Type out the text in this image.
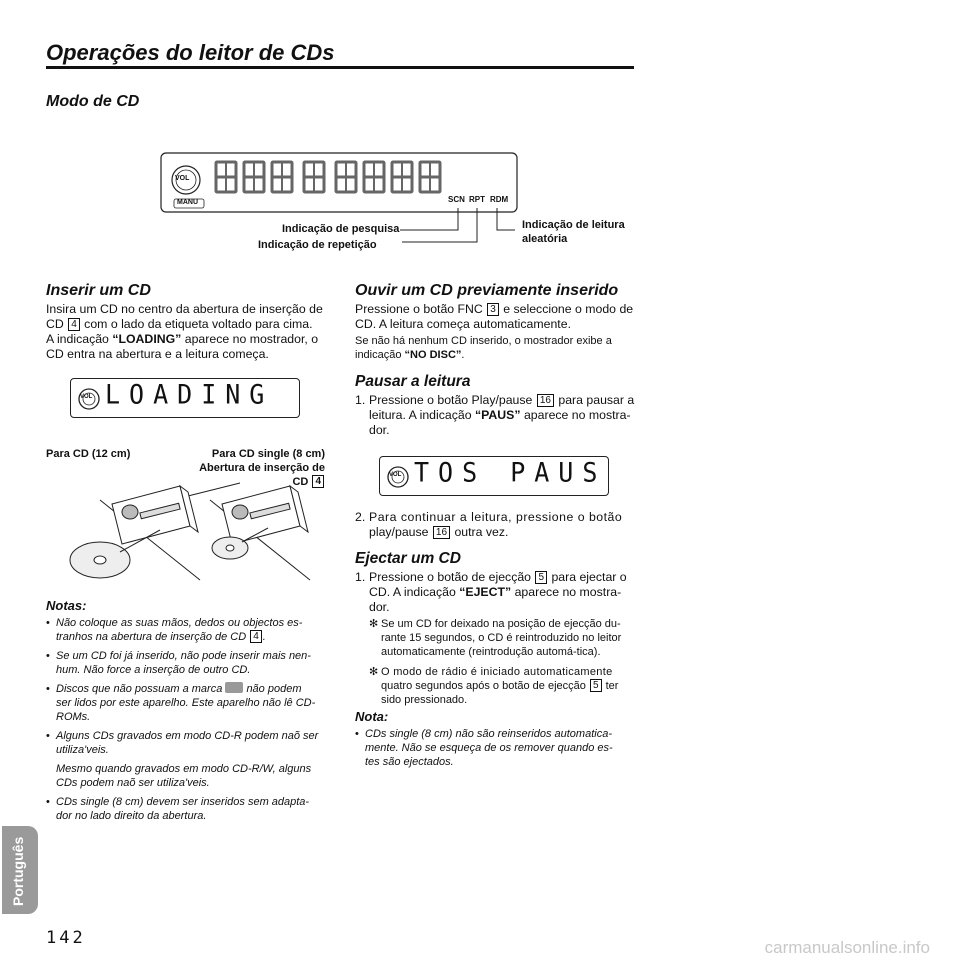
Operações do leitor de CDs
Modo de CD
VOL
MANU	SCN RPT RDM
Indicação de pesquisa
Indicação de repetição
Indicação de leitura
aleatória
Inserir um CD
Insira um CD no centro da abertura de inserção de
CD 4 com o lado da etiqueta voltado para cima.
A indicação “LOADING” aparece no mostrador, o
CD entra na abertura e a leitura começa.
VOL LOADING
Para CD (12 cm)	Para CD single (8 cm)
Abertura de inserção de
CD 4
Notas:
• Não coloque as suas mãos, dedos ou objectos es-
tranhos na abertura de inserção de CD 4 .
• Se um CD foi já inserido, não pode inserir mais nen-
hum. Não force a inserção de outro CD.
• Discos que não possuam a marca não podem
ser lidos por este aparelho. Este aparelho não lê CD-
ROMs.
• Alguns CDs gravados em modo CD-R podem naõ ser
utiliza'veis.
Mesmo quando gravados em modo CD-R/W, alguns
CDs podem naõ ser utiliza'veis.
• CDs single (8 cm) devem ser inseridos sem adapta-
dor no lado direito da abertura.
Ouvir um CD previamente inserido
Pressione o botão FNC 3 e seleccione o modo de
CD. A leitura começa automaticamente.
Se não há nenhum CD inserido, o mostrador exibe a
indicação “NO DISC”.
Pausar a leitura
1. Pressione o botão Play/pause 16 para pausar a
leitura. A indicação “PAUS” aparece no mostra-
dor.
VOL TOS PAUS
2. Para continuar a leitura, pressione o botão
play/pause 16 outra vez.
Ejectar um CD
1. Pressione o botão de ejecção 5 para ejectar o
CD. A indicação “EJECT” aparece no mostra-
dor.
✻ Se um CD for deixado na posição de ejecção du-
rante 15 segundos, o CD é reintroduzido no leitor
automaticamente (reintrodução automá-tica).
✻ O modo de rádio é iniciado automaticamente
quatro segundos após o botão de ejecção 5 ter
sido pressionado.
Nota:
• CDs single (8 cm) não são reinseridos automatica-
mente. Não se esqueça de os remover quando es-
tes são ejectados.
Português
142	carmanualsonline.info
